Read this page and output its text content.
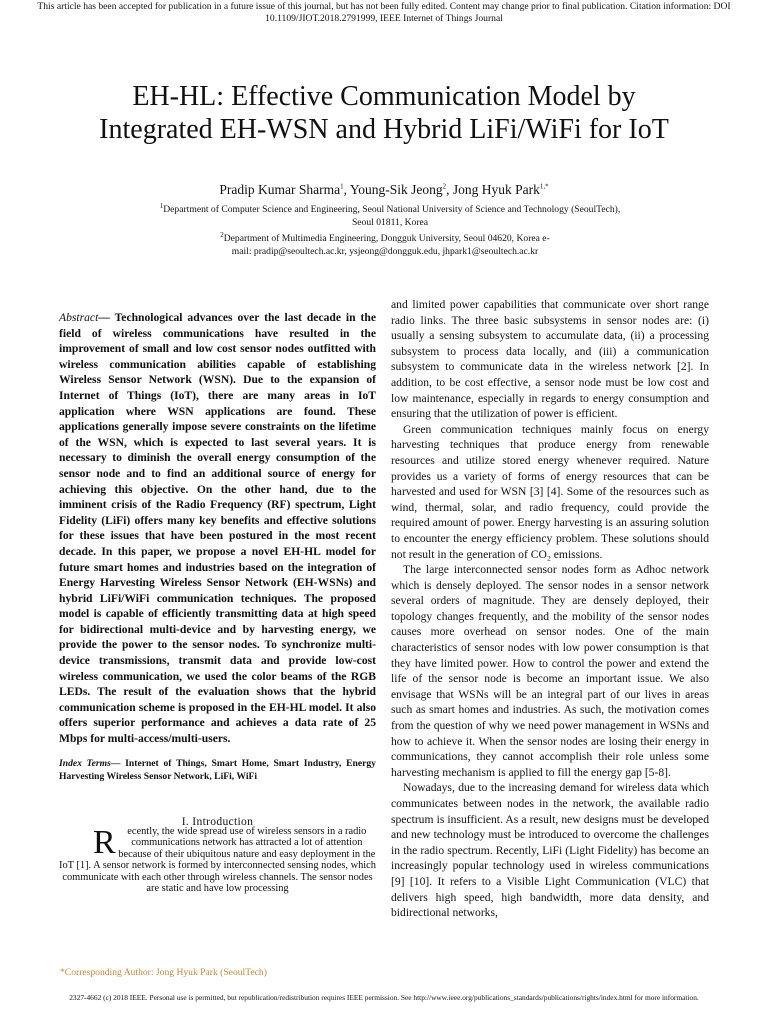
This article has been accepted for publication in a future issue of this journal, but has not been fully edited. Content may change prior to final publication. Citation information: DOI
10.1109/JIOT.2018.2791999, IEEE Internet of Things Journal
EH-HL: Effective Communication Model by
Integrated EH-WSN and Hybrid LiFi/WiFi for IoT
Pradip Kumar Sharma$^1$, Young-Sik Jeong$^2$, Jong Hyuk Park$^{1,*}$
$^1$Department of Computer Science and Engineering, Seoul National University of Science and Technology (SeoulTech),
Seoul 01811, Korea
$^2$Department of Multimedia Engineering, Dongguk University, Seoul 04620, Korea e-
mail: pradip@seoultech.ac.kr, ysjeong@dongguk.edu, jhpark1@seoultech.ac.kr
Abstract— Technological advances over the last decade in the field of wireless communications have resulted in the improvement of small and low cost sensor nodes outfitted with wireless communication abilities capable of establishing Wireless Sensor Network (WSN). Due to the expansion of Internet of Things (IoT), there are many areas in IoT application where WSN applications are found. These applications generally impose severe constraints on the lifetime of the WSN, which is expected to last several years. It is necessary to diminish the overall energy consumption of the sensor node and to find an additional source of energy for achieving this objective. On the other hand, due to the imminent crisis of the Radio Frequency (RF) spectrum, Light Fidelity (LiFi) offers many key benefits and effective solutions for these issues that have been postured in the most recent decade. In this paper, we propose a novel EH-HL model for future smart homes and industries based on the integration of Energy Harvesting Wireless Sensor Network (EH-WSNs) and hybrid LiFi/WiFi communication techniques. The proposed model is capable of efficiently transmitting data at high speed for bidirectional multi-device and by harvesting energy, we provide the power to the sensor nodes. To synchronize multi-device transmissions, transmit data and provide low-cost wireless communication, we used the color beams of the RGB LEDs. The result of the evaluation shows that the hybrid communication scheme is proposed in the EH-HL model. It also offers superior performance and achieves a data rate of 25 Mbps for multi-access/multi-users.
Index Terms— Internet of Things, Smart Home, Smart Industry, Energy Harvesting Wireless Sensor Network, LiFi, WiFi
I. Introduction
R ecently, the wide spread use of wireless sensors in a radio communications network has attracted a lot of attention because of their ubiquitous nature and easy deployment in the IoT [1]. A sensor network is formed by interconnected sensing nodes, which communicate with each other through wireless channels. The sensor nodes are static and have low processing

and limited power capabilities that communicate over short range radio links. The three basic subsystems in sensor nodes are: (i) usually a sensing subsystem to accumulate data, (ii) a processing subsystem to process data locally, and (iii) a communication subsystem to communicate data in the wireless network [2]. In addition, to be cost effective, a sensor node must be low cost and low maintenance, especially in regards to energy consumption and ensuring that the utilization of power is efficient.

Green communication techniques mainly focus on energy harvesting techniques that produce energy from renewable resources and utilize stored energy whenever required. Nature provides us a variety of forms of energy resources that can be harvested and used for WSN [3] [4]. Some of the resources such as wind, thermal, solar, and radio frequency, could provide the required amount of power. Energy harvesting is an assuring solution to encounter the energy efficiency problem. These solutions should not result in the generation of CO₂ emissions.

The large interconnected sensor nodes form as Adhoc network which is densely deployed. The sensor nodes in a sensor network several orders of magnitude. They are densely deployed, their topology changes frequently, and the mobility of the sensor nodes causes more overhead on sensor nodes. One of the main characteristics of sensor nodes with low power consumption is that they have limited power. How to control the power and extend the life of the sensor node is become an important issue. We also envisage that WSNs will be an integral part of our lives in areas such as smart homes and industries. As such, the motivation comes from the question of why we need power management in WSNs and how to achieve it. When the sensor nodes are losing their energy in communications, they cannot accomplish their role unless some harvesting mechanism is applied to fill the energy gap [5-8].

Nowadays, due to the increasing demand for wireless data which communicates between nodes in the network, the available radio spectrum is insufficient. As a result, new designs must be developed and new technology must be introduced to overcome the challenges in the radio spectrum. Recently, LiFi (Light Fidelity) has become an increasingly popular technology used in wireless communications [9] [10]. It refers to a Visible Light Communication (VLC) that delivers high speed, high bandwidth, more data density, and bidirectional networks,

*Corresponding Author: Jong Hyuk Park (SeoulTech)
2327-4662 (c) 2018 IEEE. Personal use is permitted, but republication/redistribution requires IEEE permission. See http://www.ieee.org/publications_standards/publications/rights/index.html for more information.
